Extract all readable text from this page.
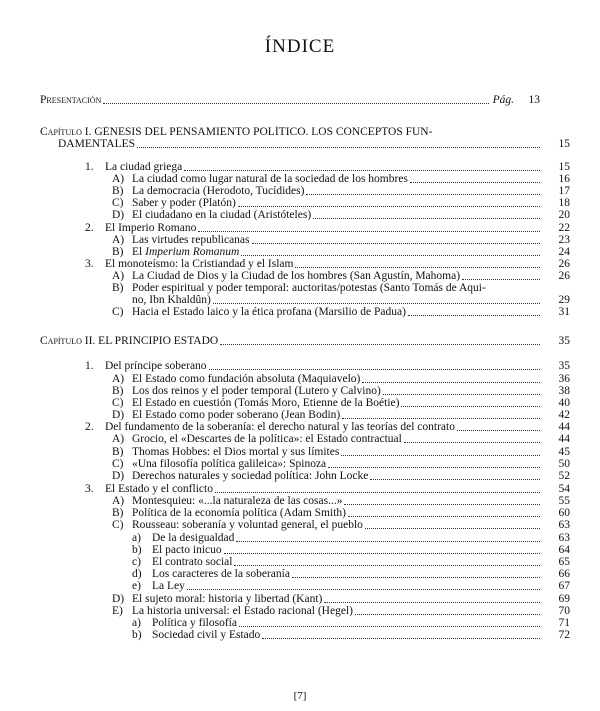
ÍNDICE
Presentación	Pág.	13
Capítulo I. GÉNESIS DEL PENSAMIENTO POLÍTICO. LOS CONCEPTOS FUN-
DAMENTALES	15
1. La ciudad griega	15
A) La ciudad como lugar natural de la sociedad de los hombres	16
B) La democracia (Herodoto, Tucídides)	17
C) Saber y poder (Platón)	18
D) El ciudadano en la ciudad (Aristóteles)	20
2. El Imperio Romano	22
A) Las virtudes republicanas	23
B) El Imperium Romanum	24
3. El monoteísmo: la Cristiandad y el Islam	26
A) La Ciudad de Dios y la Ciudad de los hombres (San Agustín, Mahoma)	26
B) Poder espiritual y poder temporal: auctoritas/potestas (Santo Tomás de Aqui-
no, Ibn Khaldûn)	29
C) Hacia el Estado laico y la ética profana (Marsilio de Padua)	31
Capítulo II. EL PRINCIPIO ESTADO	35
1. Del príncipe soberano	35
A) El Estado como fundación absoluta (Maquiavelo)	36
B) Los dos reinos y el poder temporal (Lutero y Calvino)	38
C) El Estado en cuestión (Tomás Moro, Etienne de la Boétie)	40
D) El Estado como poder soberano (Jean Bodin)	42
2. Del fundamento de la soberanía: el derecho natural y las teorías del contrato	44
A) Grocio, el «Descartes de la política»: el Estado contractual	44
B) Thomas Hobbes: el Dios mortal y sus límites	45
C) «Una filosofía política galileica»: Spinoza	50
D) Derechos naturales y sociedad política: John Locke	52
3. El Estado y el conflicto	54
A) Montesquieu: «...la naturaleza de las cosas...»	55
B) Política de la economía política (Adam Smith)	60
C) Rousseau: soberanía y voluntad general, el pueblo	63
a) De la desigualdad	63
b) El pacto inicuo	64
c) El contrato social	65
d) Los caracteres de la soberanía	66
e) La Ley	67
D) El sujeto moral: historia y libertad (Kant)	69
E) La historia universal: el Estado racional (Hegel)	70
a) Política y filosofía	71
b) Sociedad civil y Estado	72
[7]
